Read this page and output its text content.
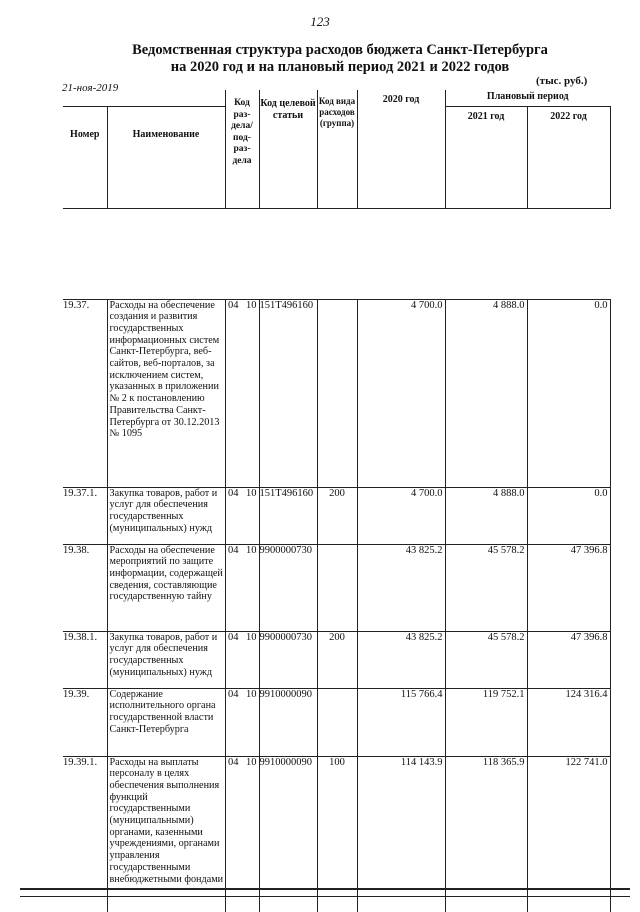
123
Ведомственная структура расходов бюджета Санкт-Петербурга
на 2020 год и на плановый период 2021 и 2022 годов
21-ноя-2019
(тыс. руб.)
		Код раз-дела/ под-раз-дела		Код целевой статьи	Код вида расходов (группа)	2020 год	Плановый период	
Номер	Наименование						2021 год	2022 год

19.37.	Расходы на обеспечение создания и развития государственных информационных систем Санкт-Петербурга, веб-сайтов, веб-порталов, за исключением систем, указанных в приложении № 2 к постановлению Правительства Санкт-Петербурга от 30.12.2013 № 1095	04	10	151Т496160		4 700.0	4 888.0	0.0
19.37.1.	Закупка товаров, работ и услуг для обеспечения государственных (муниципальных) нужд	04	10	151Т496160	200	4 700.0	4 888.0	0.0
19.38.	Расходы на обеспечение мероприятий по защите информации, содержащей сведения, составляющие государственную тайну	04	10	9900000730		43 825.2	45 578.2	47 396.8
19.38.1.	Закупка товаров, работ и услуг для обеспечения государственных (муниципальных) нужд	04	10	9900000730	200	43 825.2	45 578.2	47 396.8
19.39.	Содержание исполнительного органа государственной власти Санкт-Петербурга	04	10	9910000090		115 766.4	119 752.1	124 316.4
19.39.1.	Расходы на выплаты персоналу в целях обеспечения выполнения функций государственными (муниципальными) органами, казенными учреждениями, органами управления государственными внебюджетными фондами	04	10	9910000090	100	114 143.9	118 365.9	122 741.0
